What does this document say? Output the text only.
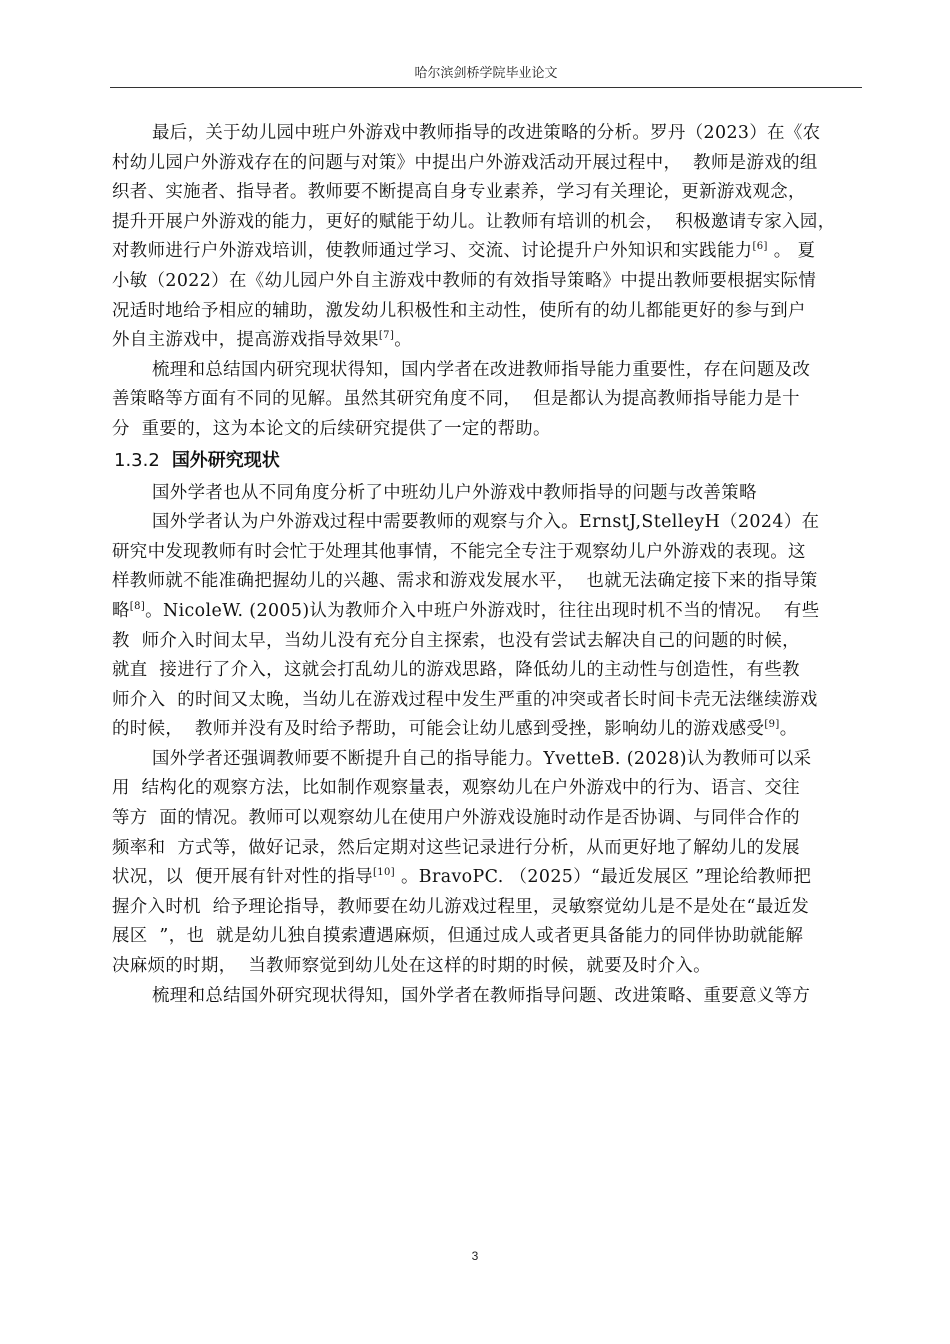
哈尔滨剑桥学院毕业论文
最后，关于幼儿园中班户外游戏中教师指导的改进策略的分析。罗丹（2023）在《农
村幼儿园户外游戏存在的问题与对策》中提出户外游戏活动开展过程中，  教师是游戏的组
织者、实施者、指导者。教师要不断提高自身专业素养，学习有关理论，更新游戏观念，
提升开展户外游戏的能力，更好的赋能于幼儿。让教师有培训的机会，  积极邀请专家入园，
对教师进行户外游戏培训，使教师通过学习、交流、讨论提升户外知识和实践能力[6] 。 夏
小敏（2022）在《幼儿园户外自主游戏中教师的有效指导策略》中提出教师要根据实际情
况适时地给予相应的辅助，激发幼儿积极性和主动性，使所有的幼儿都能更好的参与到户
外自主游戏中，提高游戏指导效果[7]。
梳理和总结国内研究现状得知，国内学者在改进教师指导能力重要性，存在问题及改
善策略等方面有不同的见解。虽然其研究角度不同，  但是都认为提高教师指导能力是十
分  重要的，这为本论文的后续研究提供了一定的帮助。
1.3.2 国外研究现状
国外学者也从不同角度分析了中班幼儿户外游戏中教师指导的问题与改善策略
国外学者认为户外游戏过程中需要教师的观察与介入。ErnstJ,StelleyH（2024）在
研究中发现教师有时会忙于处理其他事情，不能完全专注于观察幼儿户外游戏的表现。这
样教师就不能准确把握幼儿的兴趣、需求和游戏发展水平，  也就无法确定接下来的指导策
略[8]。NicoleW. (2005)认为教师介入中班户外游戏时，往往出现时机不当的情况。  有些
教  师介入时间太早，当幼儿没有充分自主探索，也没有尝试去解决自己的问题的时候，
就直  接进行了介入，这就会打乱幼儿的游戏思路，降低幼儿的主动性与创造性，有些教
师介入  的时间又太晚，当幼儿在游戏过程中发生严重的冲突或者长时间卡壳无法继续游戏
的时候，  教师并没有及时给予帮助，可能会让幼儿感到受挫，影响幼儿的游戏感受[9]。
国外学者还强调教师要不断提升自己的指导能力。YvetteB. (2028)认为教师可以采
用  结构化的观察方法，比如制作观察量表，观察幼儿在户外游戏中的行为、语言、交往
等方  面的情况。教师可以观察幼儿在使用户外游戏设施时动作是否协调、与同伴合作的
频率和  方式等，做好记录，然后定期对这些记录进行分析，从而更好地了解幼儿的发展
状况，以  便开展有针对性的指导[10] 。BravoPC. （2025）“最近发展区 ”理论给教师把
握介入时机  给予理论指导，教师要在幼儿游戏过程里，灵敏察觉幼儿是不是处在“最近发
展区  ”，也  就是幼儿独自摸索遭遇麻烦，但通过成人或者更具备能力的同伴协助就能解
决麻烦的时期，  当教师察觉到幼儿处在这样的时期的时候，就要及时介入。
梳理和总结国外研究现状得知，国外学者在教师指导问题、改进策略、重要意义等方
3
